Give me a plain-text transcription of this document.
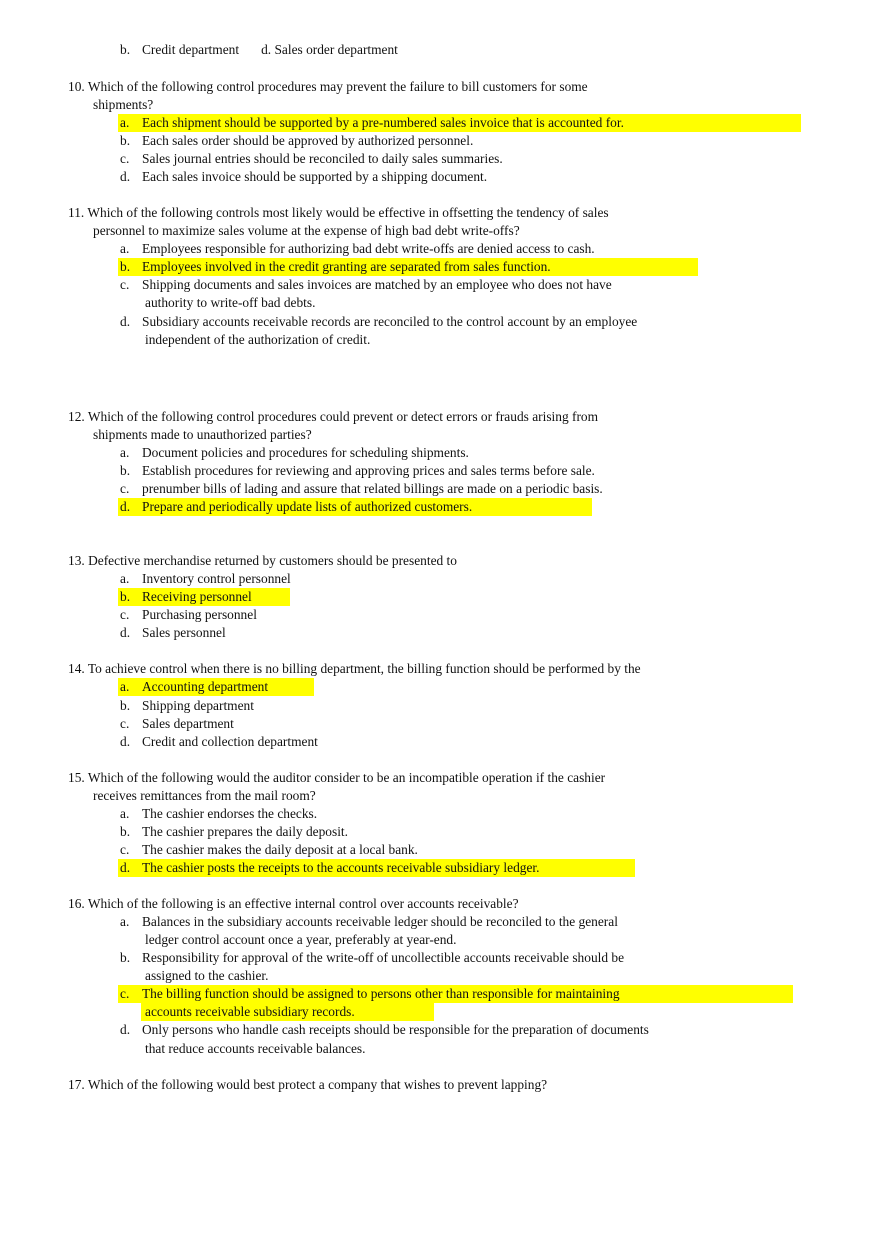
b. Credit department d. Sales order department
10. Which of the following control procedures may prevent the failure to bill customers for some
shipments?
a. Each shipment should be supported by a pre-numbered sales invoice that is accounted for.
b. Each sales order should be approved by authorized personnel.
c. Sales journal entries should be reconciled to daily sales summaries.
d. Each sales invoice should be supported by a shipping document.
11. Which of the following controls most likely would be effective in offsetting the tendency of sales
personnel to maximize sales volume at the expense of high bad debt write-offs?
a. Employees responsible for authorizing bad debt write-offs are denied access to cash.
b. Employees involved in the credit granting are separated from sales function.
c. Shipping documents and sales invoices are matched by an employee who does not have
authority to write-off bad debts.
d. Subsidiary accounts receivable records are reconciled to the control account by an employee
independent of the authorization of credit.
12. Which of the following control procedures could prevent or detect errors or frauds arising from
shipments made to unauthorized parties?
a. Document policies and procedures for scheduling shipments.
b. Establish procedures for reviewing and approving prices and sales terms before sale.
c. prenumber bills of lading and assure that related billings are made on a periodic basis.
d. Prepare and periodically update lists of authorized customers.
13. Defective merchandise returned by customers should be presented to
a. Inventory control personnel
b. Receiving personnel
c. Purchasing personnel
d. Sales personnel
14. To achieve control when there is no billing department, the billing function should be performed by the
a. Accounting department
b. Shipping department
c. Sales department
d. Credit and collection department
15. Which of the following would the auditor consider to be an incompatible operation if the cashier
receives remittances from the mail room?
a. The cashier endorses the checks.
b. The cashier prepares the daily deposit.
c. The cashier makes the daily deposit at a local bank.
d. The cashier posts the receipts to the accounts receivable subsidiary ledger.
16. Which of the following is an effective internal control over accounts receivable?
a. Balances in the subsidiary accounts receivable ledger should be reconciled to the general
ledger control account once a year, preferably at year-end.
b. Responsibility for approval of the write-off of uncollectible accounts receivable should be
assigned to the cashier.
c. The billing function should be assigned to persons other than responsible for maintaining
accounts receivable subsidiary records.
d. Only persons who handle cash receipts should be responsible for the preparation of documents
that reduce accounts receivable balances.
17. Which of the following would best protect a company that wishes to prevent lapping?
